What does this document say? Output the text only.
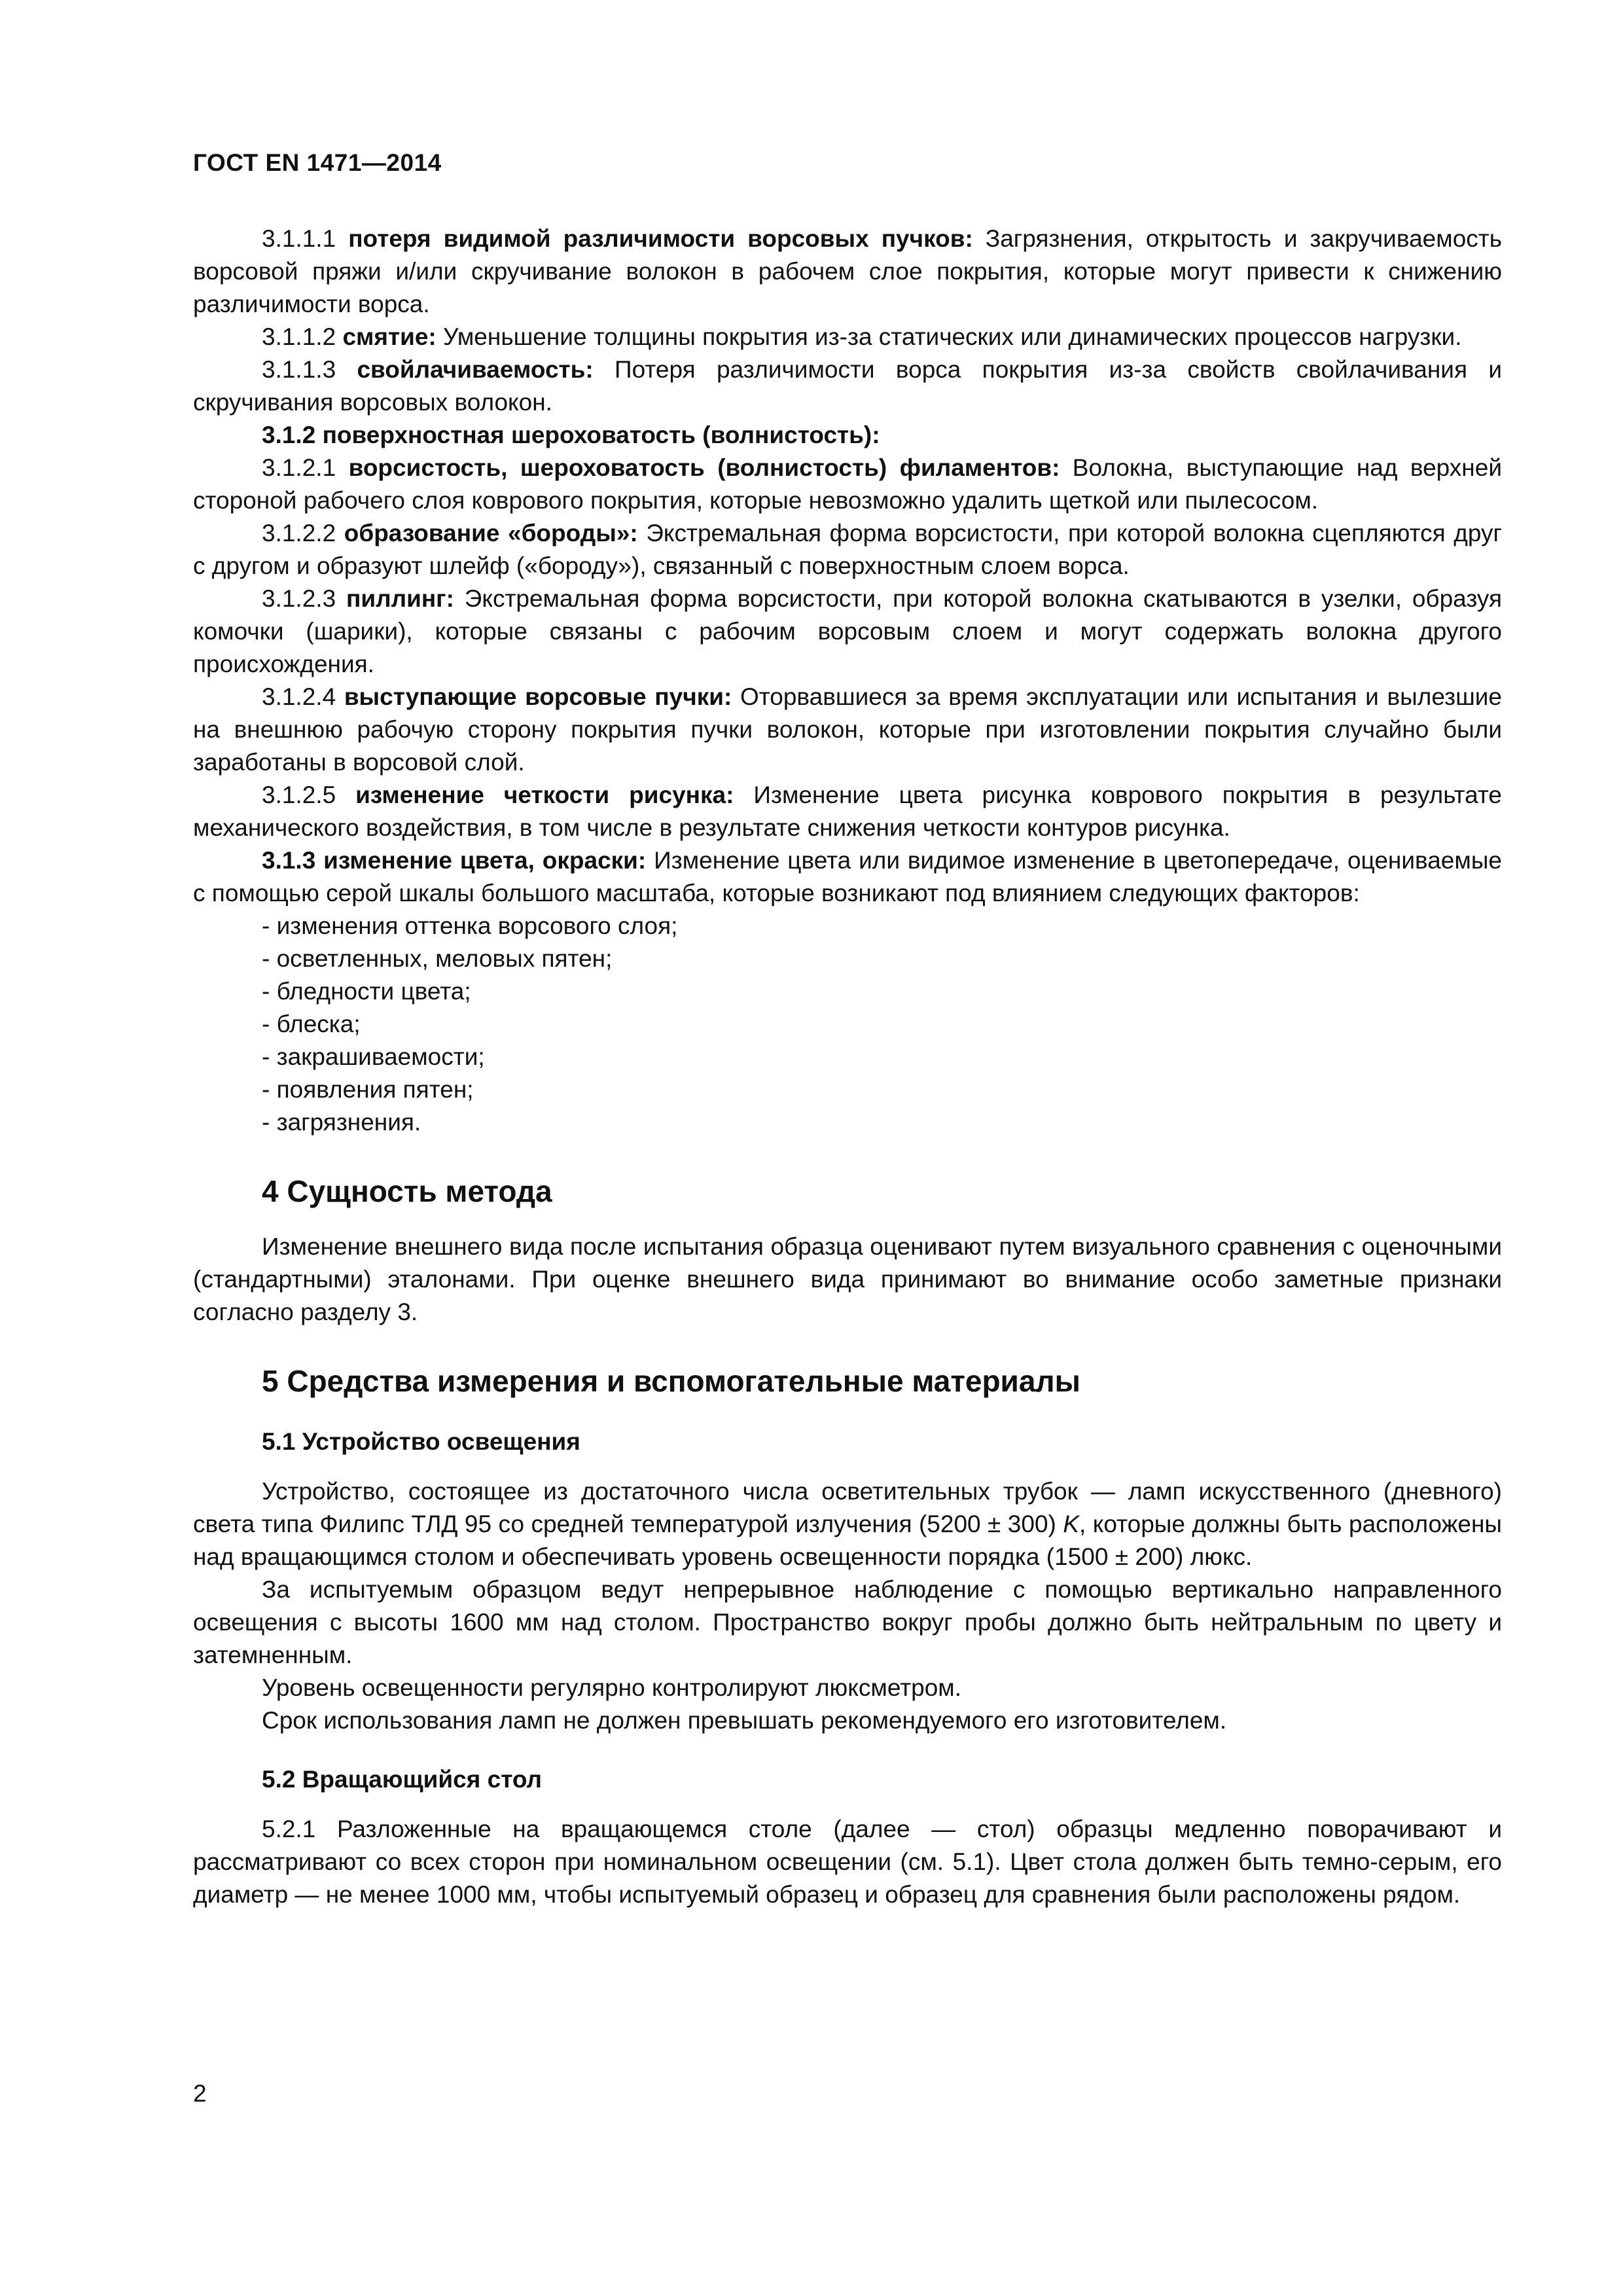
ГОСТ EN 1471—2014

3.1.1.1 потеря видимой различимости ворсовых пучков: Загрязнения, открытость и закручиваемость ворсовой пряжи и/или скручивание волокон в рабочем слое покрытия, которые могут привести к снижению различимости ворса.

3.1.1.2 смятие: Уменьшение толщины покрытия из-за статических или динамических процессов нагрузки.

3.1.1.3 свойлачиваемость: Потеря различимости ворса покрытия из-за свойств свойлачивания и скручивания ворсовых волокон.

3.1.2 поверхностная шероховатость (волнистость):

3.1.2.1 ворсистость, шероховатость (волнистость) филаментов: Волокна, выступающие над верхней стороной рабочего слоя коврового покрытия, которые невозможно удалить щеткой или пылесосом.

3.1.2.2 образование «бороды»: Экстремальная форма ворсистости, при которой волокна сцепляются друг с другом и образуют шлейф («бороду»), связанный с поверхностным слоем ворса.

3.1.2.3 пиллинг: Экстремальная форма ворсистости, при которой волокна скатываются в узелки, образуя комочки (шарики), которые связаны с рабочим ворсовым слоем и могут содержать волокна другого происхождения.

3.1.2.4 выступающие ворсовые пучки: Оторвавшиеся за время эксплуатации или испытания и вылезшие на внешнюю рабочую сторону покрытия пучки волокон, которые при изготовлении покрытия случайно были заработаны в ворсовой слой.

3.1.2.5 изменение четкости рисунка: Изменение цвета рисунка коврового покрытия в результате механического воздействия, в том числе в результате снижения четкости контуров рисунка.

3.1.3 изменение цвета, окраски: Изменение цвета или видимое изменение в цветопередаче, оцениваемые с помощью серой шкалы большого масштаба, которые возникают под влиянием следующих факторов:

- изменения оттенка ворсового слоя;
- осветленных, меловых пятен;
- бледности цвета;
- блеска;
- закрашиваемости;
- появления пятен;
- загрязнения.
4 Сущность метода

Изменение внешнего вида после испытания образца оценивают путем визуального сравнения с оценочными (стандартными) эталонами. При оценке внешнего вида принимают во внимание особо заметные признаки согласно разделу 3.

5 Средства измерения и вспомогательные материалы
5.1 Устройство освещения

Устройство, состоящее из достаточного числа осветительных трубок — ламп искусственного (дневного) света типа Филипс ТЛД 95 со средней температурой излучения (5200 ± 300) K, которые должны быть расположены над вращающимся столом и обеспечивать уровень освещенности порядка (1500 ± 200) люкс.

За испытуемым образцом ведут непрерывное наблюдение с помощью вертикально направленного освещения с высоты 1600 мм над столом. Пространство вокруг пробы должно быть нейтральным по цвету и затемненным.

Уровень освещенности регулярно контролируют люксметром.

Срок использования ламп не должен превышать рекомендуемого его изготовителем.

5.2 Вращающийся стол

5.2.1 Разложенные на вращающемся столе (далее — стол) образцы медленно поворачивают и рассматривают со всех сторон при номинальном освещении (см. 5.1). Цвет стола должен быть темно-серым, его диаметр — не менее 1000 мм, чтобы испытуемый образец и образец для сравнения были расположены рядом.

2
